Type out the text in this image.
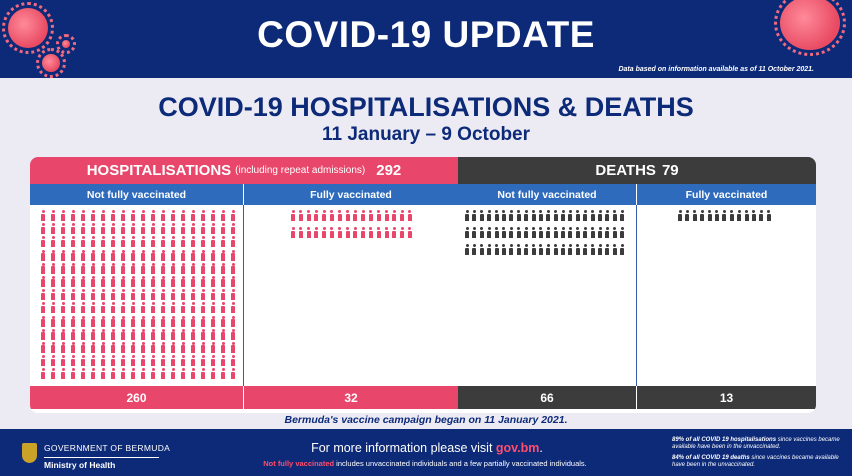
COVID-19 UPDATE
Data based on information available as of 11 October 2021.
COVID-19 HOSPITALISATIONS & DEATHS
11 January – 9 October
HOSPITALISATIONS (including repeat admissions) 292
Not fully vaccinated	Fully vaccinated
260	32
DEATHS 79
Not fully vaccinated	Fully vaccinated
66	13
Bermuda's vaccine campaign began on 11 January 2021.
GOVERNMENT OF BERMUDA
Ministry of Health
For more information please visit gov.bm.
Not fully vaccinated includes unvaccinated individuals and a few partially vaccinated individuals.
89% of all COVID 19 hospitalisations since vaccines became available have been in the unvaccinated.
84% of all COVID 19 deaths since vaccines became available have been in the unvaccinated.
